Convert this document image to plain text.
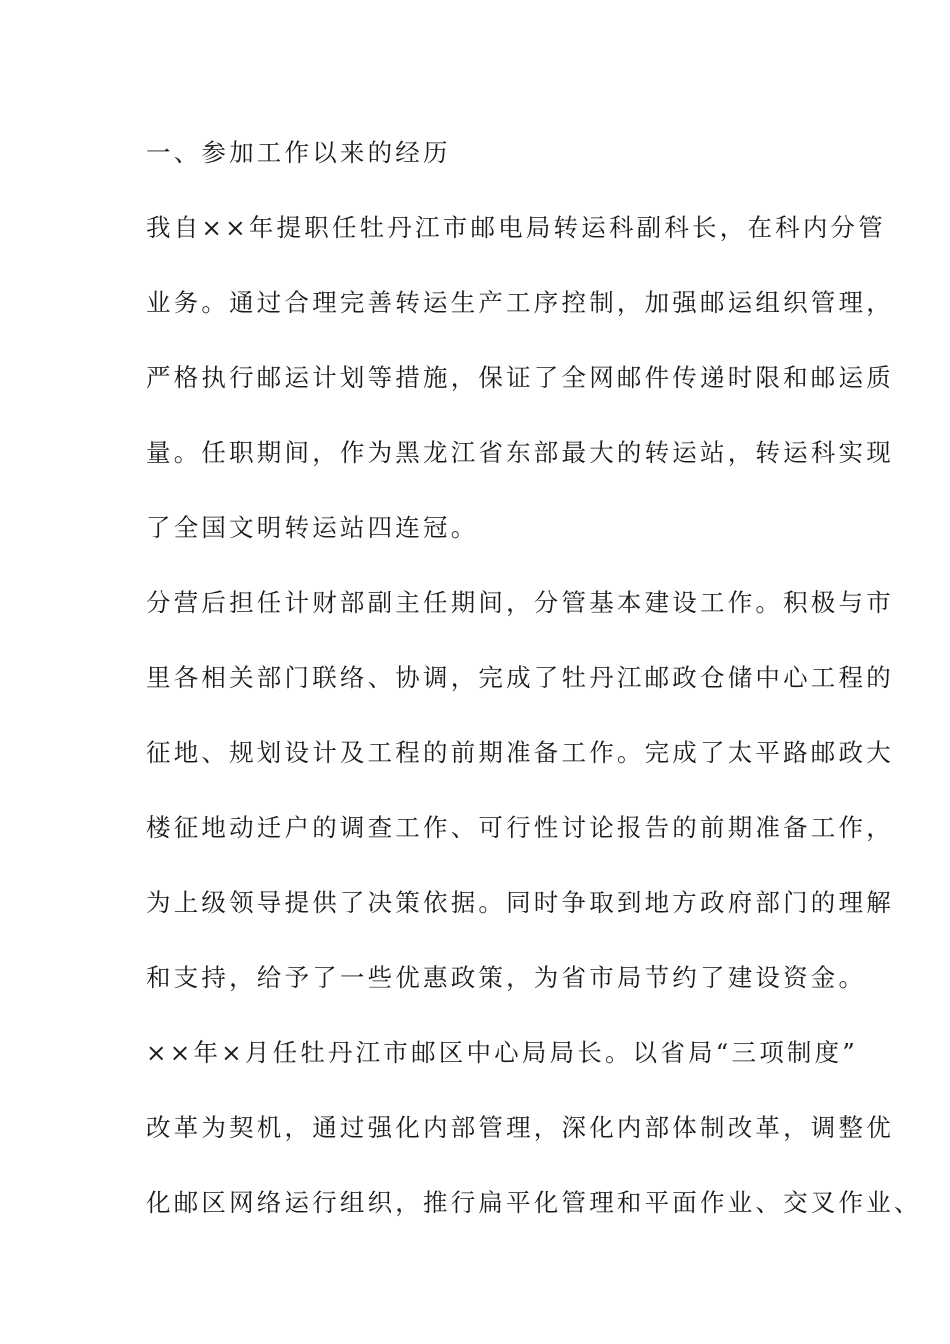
一、参加工作以来的经历
我自××年提职任牡丹江市邮电局转运科副科长，在科内分管
业务。通过合理完善转运生产工序控制，加强邮运组织管理，
严格执行邮运计划等措施，保证了全网邮件传递时限和邮运质
量。任职期间，作为黑龙江省东部最大的转运站，转运科实现
了全国文明转运站四连冠。
分营后担任计财部副主任期间，分管基本建设工作。积极与市
里各相关部门联络、协调，完成了牡丹江邮政仓储中心工程的
征地、规划设计及工程的前期准备工作。完成了太平路邮政大
楼征地动迁户的调查工作、可行性讨论报告的前期准备工作，
为上级领导提供了决策依据。同时争取到地方政府部门的理解
和支持，给予了一些优惠政策，为省市局节约了建设资金。
××年×月任牡丹江市邮区中心局局长。以省局“三项制度”
改革为契机，通过强化内部管理，深化内部体制改革，调整优
化邮区网络运行组织，推行扁平化管理和平面作业、交叉作业、
